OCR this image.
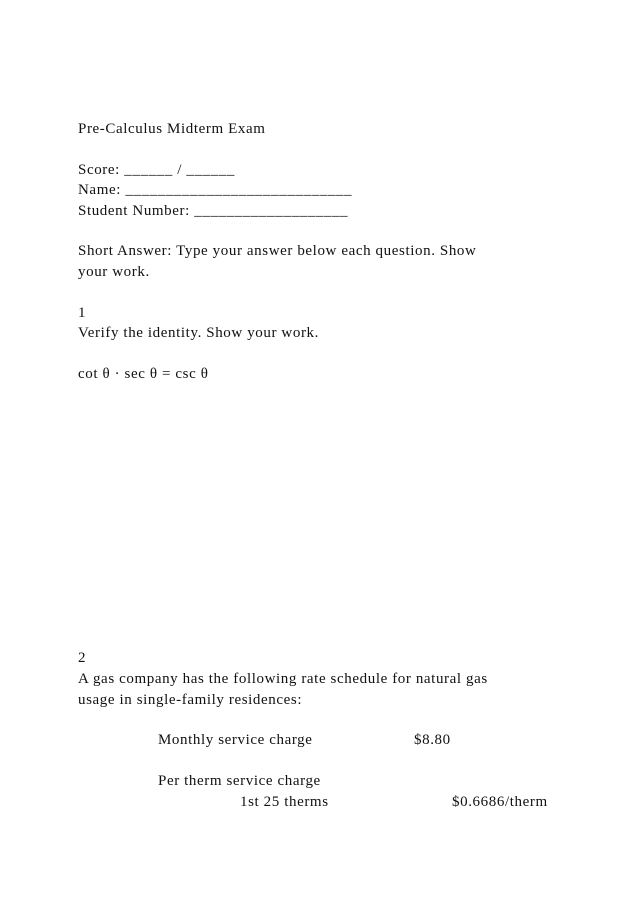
Pre-Calculus Midterm Exam
Score: ______ / ______
Name: ____________________________
Student Number: ___________________
Short Answer: Type your answer below each question. Show
your work.
1
Verify the identity. Show your work.
cot θ · sec θ = csc θ
2
A gas company has the following rate schedule for natural gas
usage in single-family residences:
Monthly service charge	$8.80
Per therm service charge
1st 25 therms	$0.6686/therm
